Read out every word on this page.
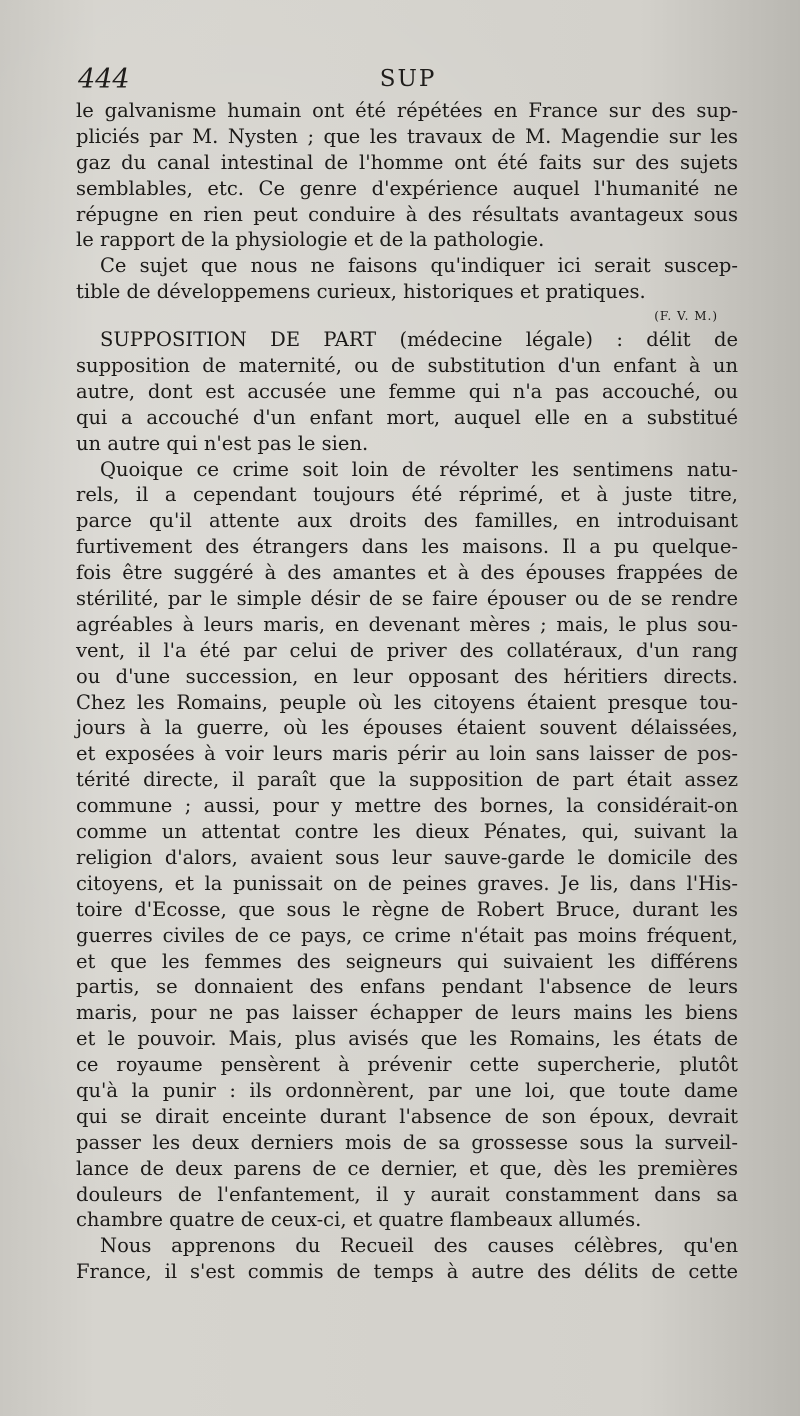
444	SUP
le galvanisme humain ont été répétées en France sur des sup-
pliciés par M. Nysten ; que les travaux de M. Magendie sur les
gaz du canal intestinal de l'homme ont été faits sur des sujets
semblables, etc. Ce genre d'expérience auquel l'humanité ne
répugne en rien peut conduire à des résultats avantageux sous
le rapport de la physiologie et de la pathologie.
Ce sujet que nous ne faisons qu'indiquer ici serait suscep-
tible de développemens curieux, historiques et pratiques.
(F. V. M.)
SUPPOSITION DE PART (médecine légale) : délit de
supposition de maternité, ou de substitution d'un enfant à un
autre, dont est accusée une femme qui n'a pas accouché, ou
qui a accouché d'un enfant mort, auquel elle en a substitué
un autre qui n'est pas le sien.
Quoique ce crime soit loin de révolter les sentimens natu-
rels, il a cependant toujours été réprimé, et à juste titre,
parce qu'il attente aux droits des familles, en introduisant
furtivement des étrangers dans les maisons. Il a pu quelque-
fois être suggéré à des amantes et à des épouses frappées de
stérilité, par le simple désir de se faire épouser ou de se rendre
agréables à leurs maris, en devenant mères ; mais, le plus sou-
vent, il l'a été par celui de priver des collatéraux, d'un rang
ou d'une succession, en leur opposant des héritiers directs.
Chez les Romains, peuple où les citoyens étaient presque tou-
jours à la guerre, où les épouses étaient souvent délaissées,
et exposées à voir leurs maris périr au loin sans laisser de pos-
térité directe, il paraît que la supposition de part était assez
commune ; aussi, pour y mettre des bornes, la considérait-on
comme un attentat contre les dieux Pénates, qui, suivant la
religion d'alors, avaient sous leur sauve-garde le domicile des
citoyens, et la punissait on de peines graves. Je lis, dans l'His-
toire d'Ecosse, que sous le règne de Robert Bruce, durant les
guerres civiles de ce pays, ce crime n'était pas moins fréquent,
et que les femmes des seigneurs qui suivaient les différens
partis, se donnaient des enfans pendant l'absence de leurs
maris, pour ne pas laisser échapper de leurs mains les biens
et le pouvoir. Mais, plus avisés que les Romains, les états de
ce royaume pensèrent à prévenir cette supercherie, plutôt
qu'à la punir : ils ordonnèrent, par une loi, que toute dame
qui se dirait enceinte durant l'absence de son époux, devrait
passer les deux derniers mois de sa grossesse sous la surveil-
lance de deux parens de ce dernier, et que, dès les premières
douleurs de l'enfantement, il y aurait constamment dans sa
chambre quatre de ceux-ci, et quatre flambeaux allumés.
Nous apprenons du Recueil des causes célèbres, qu'en
France, il s'est commis de temps à autre des délits de cette
